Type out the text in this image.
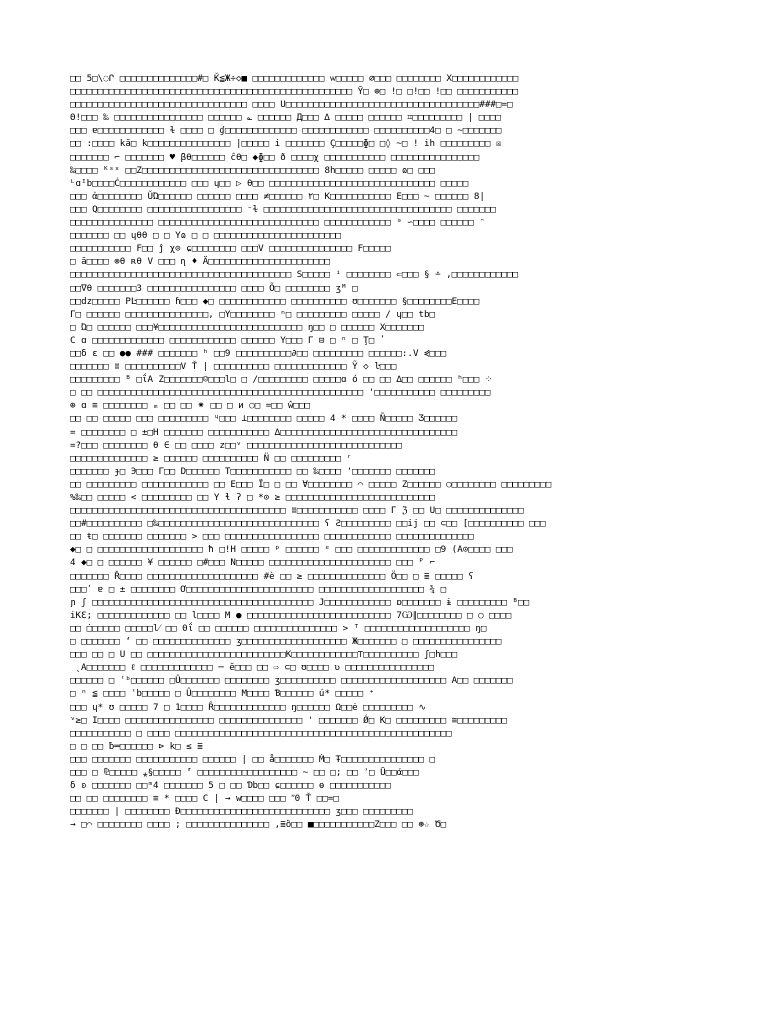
□□ 5□\◌Ր □□□□□□□□□□□□□□#□ Ǩ≦Ж÷◇■ □□□□□□□□□□□□□ ѡ□□□□□ ∅□□□ □□□□□□□□ X□□□□□□□□□□□□
□□□□□□□□□□□□□□□□□□□□□□□□□□□□□□□□□□□□□□□□□□□□□□□□□□□ Ȳ□ ⊕□ !□ □!□□ !□□ □□□□□□□□□□□
□□□□□□□□□□□□□□□□□□□□□□□□□□□□□□□□ □□□□ Ս□□□□□□□□□□□□□□□□□□□□□□□□□□□□□□□□□□□###□=□
Θ!□□□ ‰ □□□□□□□□□□□□□□□□ □□□□□□ ؎ □□□□□□ Д□□□ ∆ □□□□□ □□□□□□ ⌗□□□□□□□□□ | □□□□
□□□ ɐ□□□□□□□□□□□□ ɫ □□□□ □ ɠ□□□□□□□□□□□□□ □□□□□□□□□□□□ □□□□□□□□□□4□ □ ~□□□□□□□
□□ :□□□□ kā□ k□□□□□□□□□□□□□□□ |□□□□□ i □□□□□□□ Ç□□□□□ɸ□ □◊ ~□ ! ih □□□□□□□□□ ☒
□□□□□□□ ⌐ □□□□□□□ ♥ βθ□□□□□□ ĉθ□ ◆ɸ□□ ð □□□□χ □□□□□□□□□□□ □□□□□□□□□□□□□□□□
‰□□□□ ᴷˢˣ □□Z□□□□□□□□□□□□□□□□□□□□□□□□□□□□□□□□ 8h□□□□□ □□□□□ ɷ□ □□□
ᴸɑᴵb□□□□Ċ□□□□□□□□□□□□ □□□ ɥ□□ ▷ θ□□ □□□□□□□□□□□□□□□□□□□□□□□□□□□□□□ □□□□□
□□□ ἀ□□□□□□□□ ŬΏ□□□□□□ □□□□□□ □□□□ ≠□□□□□□ ٢□ K□□□□□□□□□□□ E□□□ ~ □□□□□□ 8|
□□□ Q□□□□□□□□ □□□□□□□□□□□□□□□□□ ⁻ɫ □□□□□□□□□□□□□□□□□□□□□□□□□□□□□□□□□□ □□□□□□□
□□□□□□□□□□□□□□□ □□□□□□□□□□□□□□□□□□□□□□□□□□□□□ □□□□□□□□□□□□ ᵊ ∽□□□□ □□□□□□ ᵔ
□□□□□□□ □□ ɥθθ □ □ Yɷ □ □ □□□□□□□□□□□□□□□□□□□□□□□
□□□□□□□□□□□ F□□ ĵ χ⊙ ɕ□□□□□□□□ □□□V □□□□□□□□□□□□□□□ F□□□□□
□ ā□□□□ ⊗θ ʀθ V □□□ ɳ ♦ Ä□□□□□□□□□□□□□□□□□□□□□□
□□□□□□□□□□□□□□□□□□□□□□□□□□□□□□□□□□□□□□□□ S□□□□□ ⁱ □□□□□□□□ ⇐□□□ § ∸ ,□□□□□□□□□□□□
□□∇θ □□□□□□□3 □□□□□□□□□□□□□□□□ □□□□ Õ□ □□□□□□□□ ʒᴹ □
□□dz□□□□□ PĿ□□□□□□ ɦ□□□ ◆□ □□□□□□□□□□□□ □□□□□□□□□□ ʊ□□□□□□□ §□□□□□□□□E□□□□
Γ□ □□□□□□ □□□□□□□□□□□□□□□, □Y□□□□□□□□ ⁿ□ □□□□□□□□□ □□□□□ / ɥ□□ tb□
□ Ώ□ □□□□□□ □□□¥□□□□□□□□□□□□□□□□□□□□□□□□□□ ŋ□□ □ □□□□□□ X□□□□□□□
C ɑ □□□□□□□□□□□□□ □□□□□□□□□□□□ □□□□□□ Y□□□ Γ ⊟ □ ⁿ □ Ţ□ ̓
□□δ ɛ □□ ●● ### □□□□□□□ ʰ □□9 □□□□□□□□□□∂□□ □□□□□□□□□ □□□□□□:.V ⋞□□□
□□□□□□□ ʬ □□□□□□□□□□V Ť | □□□□□□□□□□ □□□□□□□□□□□□□ Ỹ ◇ ŀ□□□
□□□□□□□□□ ᴮ □ΐA Z□□□□□□□☺□□□l□ □ /□□□□□□□□□ □□□□□ɑ ό □□ □□ ∆□□ □□□□□□ ʰ□□□ ⁘
□ □□ □□□□□□□□□□□□□□□□□□□□□□□□□□□□□□□□□□□□□□□□□□□□□□□□ '□□□□□□□□□□□ □□□□□□□□□
⊕ ɑ ≡ □□□□□□□□ ₘ □□ □□ ⁕ □□ □ и ○□ =□□ ŵ□□□
□□ □□ □□□□□ □□□ □□□□□□□□□ ᶣ□□□ ⊥□□□□□□□□ □□□□□ 4 * □□□□ Ñ□□□□□ Ʒ□□□□□□
= □□□□□□□□ □ ±□H □□□□□□□ □□□□□□□□□□□ ∆□□□□□□□□□□□□□□□□□□□□□□□□□□□□□□□□
=?□□□ □□□□□□□□ θ ∈ □□ □□□□ z□□ᵛ □□□□□□□□□□□□□□□□□□□□□□□□□□□□
□□□□□□□□□□□□□□ ≥ □□□□□□ □□□□□□□□□□ N̈ □□ □□□□□□□□□ ʳ
□□□□□□□ ɟ□ Э□□□ Γ□□ D□□□□□□ T□□□□□□□□□□□ □□ ‰□□□□ '□□□□□□□ □□□□□□□
□□ □□□□□□□□□ □□□□□□□□□□□□ □□ E□□□ Ï□ □ □□ ∀□□□□□□□□ ⌒ □□□□□ Z□□□□□□ ○□□□□□□□□ □□□□□□□□□
%‰□□ □□□□□ < □□□□□□□□□ □□ Y ɬ ʔ □ *⊙ ≥ □□□□□□□□□□□□□□□□□□□□□□□□□□□
□□□□□□□□□□□□□□□□□□□□□□□□□□□□□□□□□□□□□□□ ʬ□□□□□□□□□□□ □□□□ Γ ℨ □□ U□ □□□□□□□□□□□□□□
□□#□□□□□□□□□□ □‰□□□□□□□□□□□□□□□□□□□□□□□□□□□□□ ʕ Ƨ□□□□□□□□□ □□ij □□ ⊂□□ [□□□□□□□□□□ □□□
□□ ŧ□ □□□□□□□ □□□□□□□ > □□□ □□□□□□□□□□□□□□□□□ □□□□□□□□□□□□ □□□□□□□□□□□□□□
◆□ □ □□□□□□□□□□□□□□□□□□□ ħ □!H □□□□□ ᵖ □□□□□□ ᵉ □□□ □□□□□□□□□□□□□ □9 (A⊙□□□□ □□□
4 ◆□ □ □□□□□□ ¥ □□□□□□ □#□□□ N□□□□□ □□□□□□□□□□□□□□□□□□□□□□ □□□ ᴾ ⌐
□□□□□□□ Ř□□□□ □□□□□□□□□□□□□□□□□□□□ #è □□ ≥ □□□□□□□□□□□□□□ Ö□□ □ ≣ □□□□□ ʕ
□□□ʹ ɐ □ ± □□□□□□□□ Ơ□□□□□□□□□□□□□□□□□□□□□□□ □□□□□□□□□□□□□□□□□□□ ¾ □
ɲ ʃ □□□□□□□□□□□□□□□□□□□□□□□□□□□□□□□□□□□□□□□□ J□□□□□□□□□□□□ ɒ□□□□□□□ ɨ □□□□□□□□□ ᴮ□□
iKƐ; □□□□□□□□□□□□□ □□ l□□□□ M ● □□□□□□□□□□□□□□□□□□□□□□□□□□ 7Ѡ∥□□□□□□□□ □ ○ □□□□
□□ ̇□□□□□□ □□□□□l⁄ □□ 0ΐ □□ □□□□□□ □□□□□□□□□□□□□□□ > ᵀ □□□□□□□□□□□□□□□□□□□ ŋ□
□ □□□□□□□ ‘ □□ □□□□□□□□□□□□□□ ʒ□□□□□□□□□□□□□□□□□□□ Ж□□□□□□□ □ □□□□□□□□□□□□□□□□
□□□ □□ □ U □□ □□□□□□□□□□□□□□□□□□□□□□□□□K□□□□□□□□□□□□⊤□□□□□□□□□□ ʃ□h□□□
̨ A□□□□□□□ ℓ □□□□□□□□□□□□□ ─ ĕ□□□ □□ ⇨ ⊂□ ʊ□□□□ ʋ □□□□□□□□□□□□□□□□
□□□□□□ □ ʿᵇ□□□□□□ □Û□□□□□□□ □□□□□□□□ ʒ□□□□□□□□□□ □□□□□□□□□□□□□□□□□□□ A□□ □□□□□□□
□ ⁿ ≦ □□□□ ʿb□□□□□ □ Û□□□□□□□□ M□□□□ Ɓ□□□□□□ ú* □□□□□ ⁺
□□□ ɥ* ʊ □□□□□ 7 □ 1□□□□ Ȓ□□□□□□□□□□□□□ ŋ□□□□□□ Ω□□ė □□□□□□□□□ ∿
ᵛ≥□ I□□□□ □□□□□□□□□□□□□□□□ □□□□□□□□□□□□□□□ ' □□□□□□□ Ǿ□ K□ □□□□□□□□□ ≅□□□□□□□□□
□□□□□□□□□□□ □ □□□□ □□□□□□□□□□□□□□□□□□□□□□□□□□□□□□□□□□□□□□□□□□□□□□□□□□
□ □ □□ ƀ═□□□□□□ ⊳ k□ ≤ ≣
□□□ □□□□□□□ □□□□□□□□□□□ □□□□□□ | □□ å□□□□□□□ Ṁ□ Ŧ□□□□□□□□□□□□□□□ □
□□□ □ ⅊□□□□□ ⁎§□□□□□ ⸢ □□□□□□□□□□□□□□□□□□ ~ □□ □; □□ ʾ□ Ū□□ά□□□
δ ʚ □□□□□□□ □□ᵐ4 □□□□□□□ 5 □ □□ Ɗb□□ ɕ□□□□□□ ɵ □□□□□□□□□□□
□□ □□ □□□□□□□□ ≡ * □□□□ C | → w□□□□ □□□ ʺ0 Ť □□=□
□□□□□□□ | □□□□□□□□ Ɖ□□□□□□□□□□□□□□□□□□□□□□□□□□□ ʒ□□□ □□□□□□□□□
→ □⌒ □□□□□□□□ □□□□ ; □□□□□□□□□□□□□□□ ,≣ȍ□□ ■□□□□□□□□□□□Z□□□ □□ ⊛☆ Ծ□
